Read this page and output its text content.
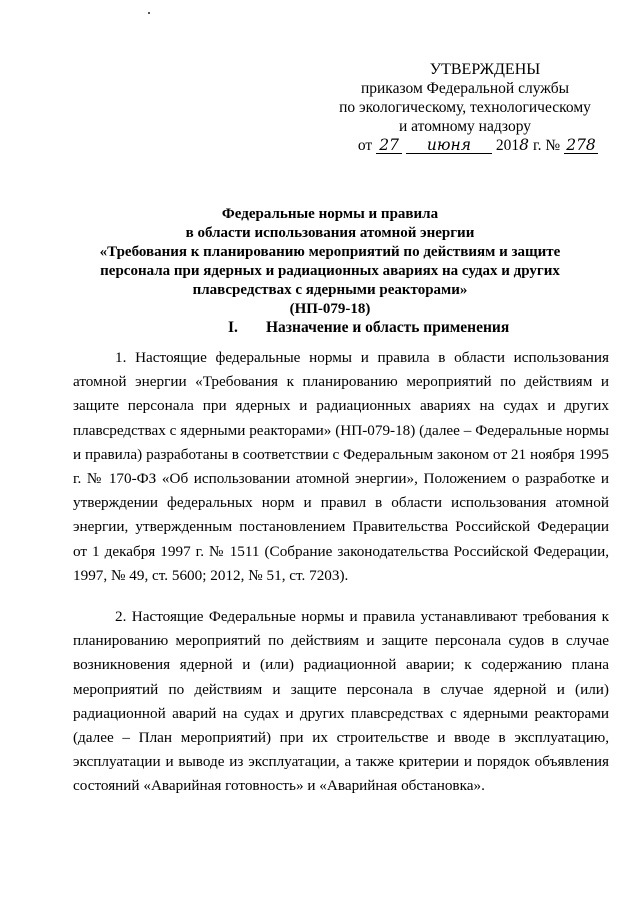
УТВЕРЖДЕНЫ
приказом Федеральной службы
по экологическому, технологическому
и атомному надзору
от 27 июня 2018 г. № 278
Федеральные нормы и правила
в области использования атомной энергии
«Требования к планированию мероприятий по действиям и защите
персонала при ядерных и радиационных авариях на судах и других
плавсредствах с ядерными реакторами»
(НП-079-18)
I. Назначение и область применения

1. Настоящие федеральные нормы и правила в области использования атомной энергии «Требования к планированию мероприятий по действиям и защите персонала при ядерных и радиационных авариях на судах и других плавсредствах с ядерными реакторами» (НП-079-18) (далее – Федеральные нормы и правила) разработаны в соответствии с Федеральным законом от 21 ноября 1995 г. № 170-ФЗ «Об использовании атомной энергии», Положением о разработке и утверждении федеральных норм и правил в области использования атомной энергии, утвержденным постановлением Правительства Российской Федерации от 1 декабря 1997 г. № 1511 (Собрание законодательства Российской Федерации, 1997, № 49, ст. 5600; 2012, № 51, ст. 7203).

2. Настоящие Федеральные нормы и правила устанавливают требования к планированию мероприятий по действиям и защите персонала судов в случае возникновения ядерной и (или) радиационной аварии; к содержанию плана мероприятий по действиям и защите персонала в случае ядерной и (или) радиационной аварий на судах и других плавсредствах с ядерными реакторами (далее – План мероприятий) при их строительстве и вводе в эксплуатацию, эксплуатации и выводе из эксплуатации, а также критерии и порядок объявления состояний «Аварийная готовность» и «Аварийная обстановка».
